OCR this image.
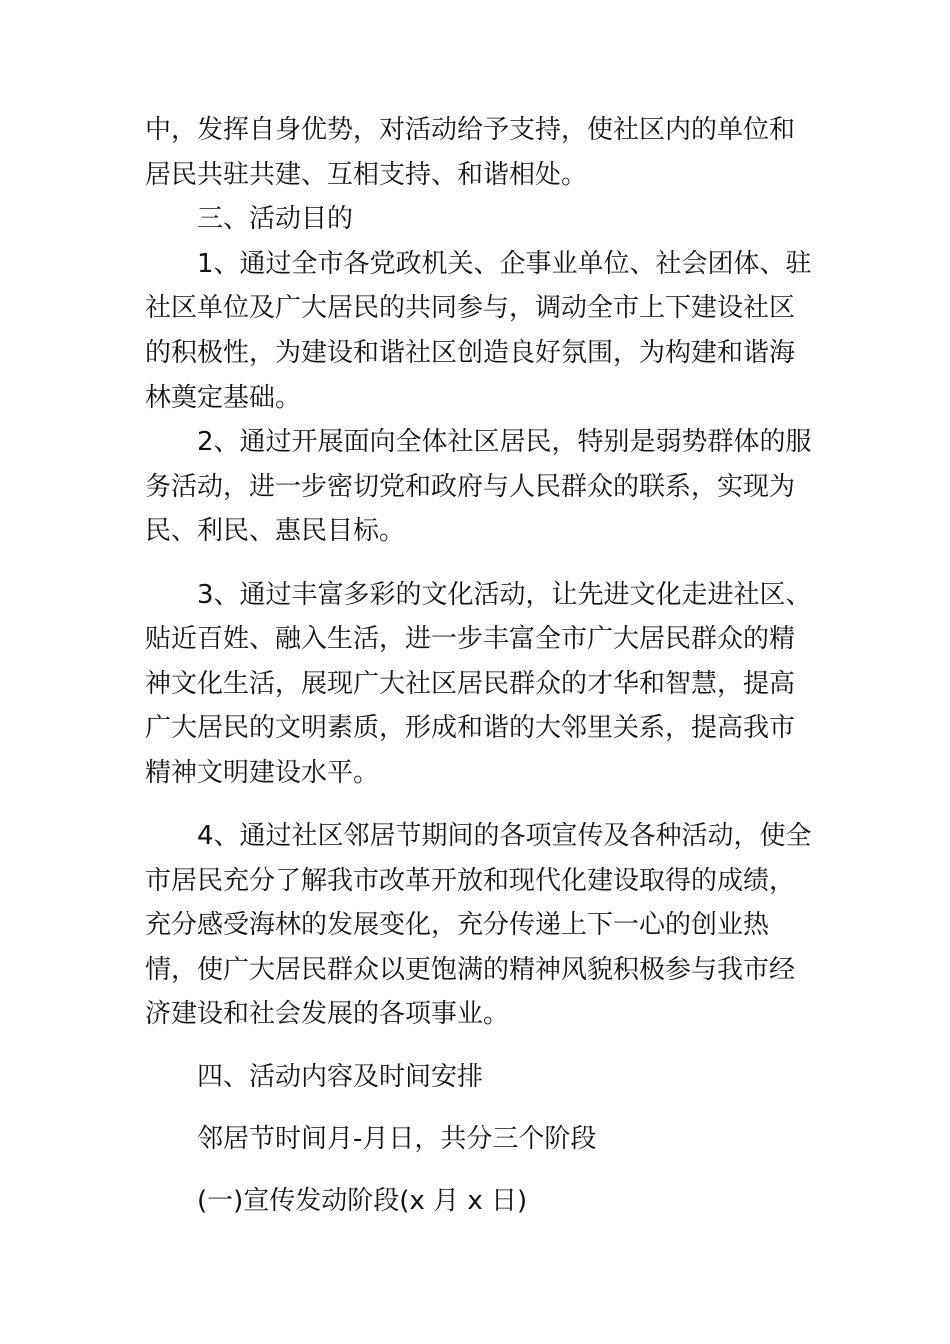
中，发挥自身优势，对活动给予支持，使社区内的单位和
居民共驻共建、互相支持、和谐相处。
三、活动目的
1、通过全市各党政机关、企事业单位、社会团体、驻
社区单位及广大居民的共同参与，调动全市上下建设社区
的积极性，为建设和谐社区创造良好氛围，为构建和谐海
林奠定基础。
2、通过开展面向全体社区居民，特别是弱势群体的服
务活动，进一步密切党和政府与人民群众的联系，实现为
民、利民、惠民目标。
3、通过丰富多彩的文化活动，让先进文化走进社区、
贴近百姓、融入生活，进一步丰富全市广大居民群众的精
神文化生活，展现广大社区居民群众的才华和智慧，提高
广大居民的文明素质，形成和谐的大邻里关系，提高我市
精神文明建设水平。
4、通过社区邻居节期间的各项宣传及各种活动，使全
市居民充分了解我市改革开放和现代化建设取得的成绩，
充分感受海林的发展变化，充分传递上下一心的创业热
情，使广大居民群众以更饱满的精神风貌积极参与我市经
济建设和社会发展的各项事业。
四、活动内容及时间安排
邻居节时间月-月日，共分三个阶段
(一)宣传发动阶段(x 月 x 日)
